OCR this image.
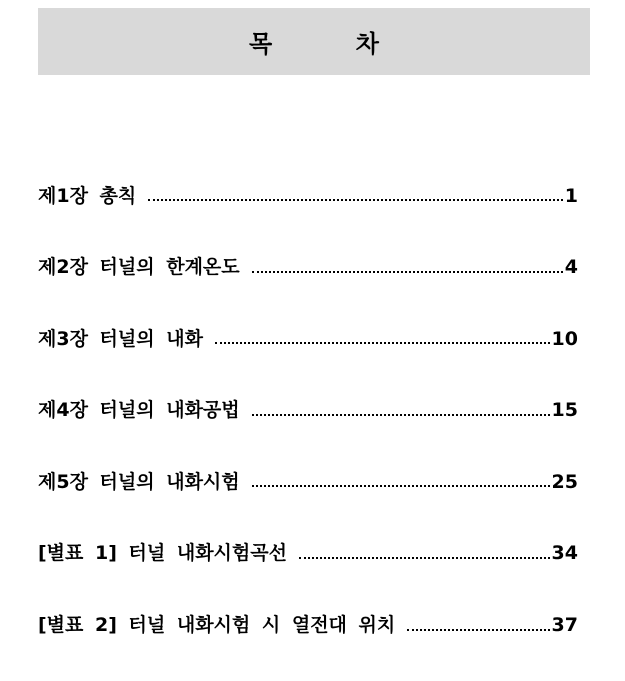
목          차
제1장 총칙	1
제2장 터널의 한계온도	4
제3장 터널의 내화	10
제4장 터널의 내화공법	15
제5장 터널의 내화시험	25
[별표 1] 터널 내화시험곡선	34
[별표 2] 터널 내화시험 시 열전대 위치	37
